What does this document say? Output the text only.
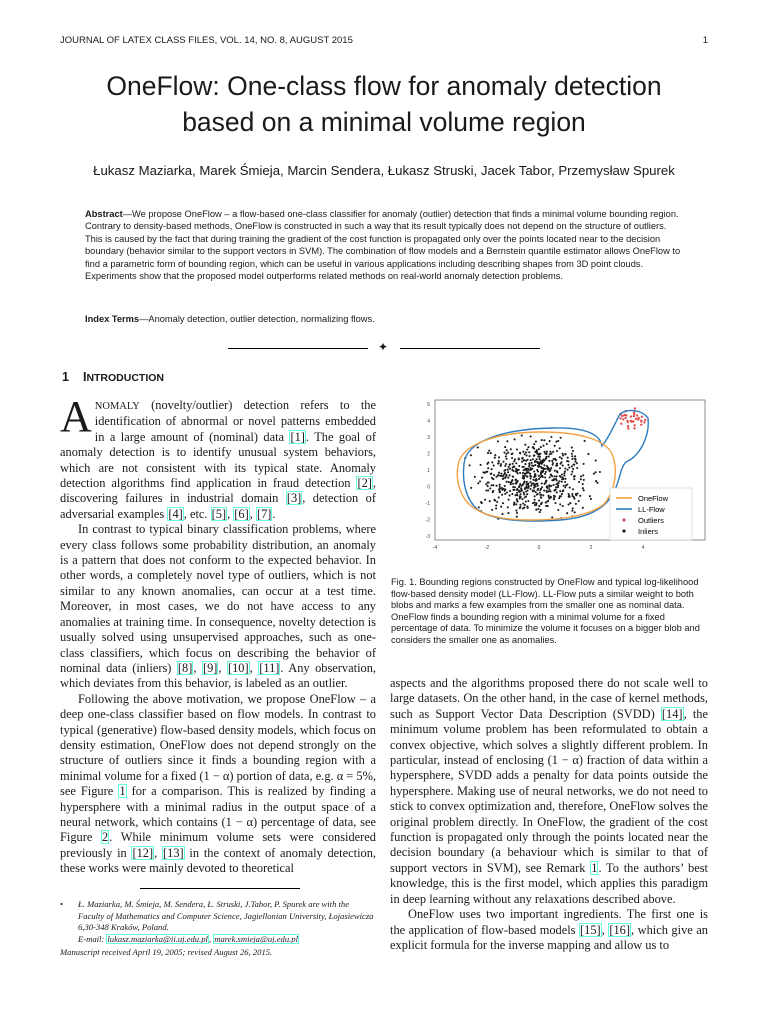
JOURNAL OF LATEX CLASS FILES, VOL. 14, NO. 8, AUGUST 2015	1
OneFlow: One-class flow for anomaly detection
based on a minimal volume region
Łukasz Maziarka, Marek Śmieja, Marcin Sendera, Łukasz Struski, Jacek Tabor, Przemysław Spurek
Abstract—We propose OneFlow – a flow-based one-class classifier for anomaly (outlier) detection that finds a minimal volume bounding region. Contrary to density-based methods, OneFlow is constructed in such a way that its result typically does not depend on the structure of outliers. This is caused by the fact that during training the gradient of the cost function is propagated only over the points located near to the decision boundary (behavior similar to the support vectors in SVM). The combination of flow models and a Bernstein quantile estimator allows OneFlow to find a parametric form of bounding region, which can be useful in various applications including describing shapes from 3D point clouds. Experiments show that the proposed model outperforms related methods on real-world anomaly detection problems.
Index Terms—Anomaly detection, outlier detection, normalizing flows.
✦
1 INTRODUCTION

ANOMALY (novelty/outlier) detection refers to the identification of abnormal or novel patterns embedded in a large amount of (nominal) data [1]. The goal of anomaly detection is to identify unusual system behaviors, which are not consistent with its typical state. Anomaly detection algorithms find application in fraud detection [2], discovering failures in industrial domain [3], detection of adversarial examples [4], etc. [5], [6], [7].

In contrast to typical binary classification problems, where every class follows some probability distribution, an anomaly is a pattern that does not conform to the expected behavior. In other words, a completely novel type of outliers, which is not similar to any known anomalies, can occur at a test time. Moreover, in most cases, we do not have access to any anomalies at training time. In consequence, novelty detection is usually solved using unsupervised approaches, such as one-class classifiers, which focus on describing the behavior of nominal data (inliers) [8], [9], [10], [11]. Any observation, which deviates from this behavior, is labeled as an outlier.

Following the above motivation, we propose OneFlow – a deep one-class classifier based on flow models. In contrast to typical (generative) flow-based density models, which focus on density estimation, OneFlow does not depend strongly on the structure of outliers since it finds a bounding region with a minimal volume for a fixed (1 − α) portion of data, e.g. α = 5%, see Figure 1 for a comparison. This is realized by finding a hypersphere with a minimal radius in the output space of a neural network, which contains (1 − α) percentage of data, see Figure 2. While minimum volume sets were considered previously in [12], [13] in the context of anomaly detection, these works were mainly devoted to theoretical

• Ł. Maziarka, M. Śmieja, M. Sendera, Ł. Struski, J.Tabor, P. Spurek are with the Faculty of Mathematics and Computer Science, Jagiellonian University, Łojasiewicza 6,30-348 Kraków, Poland.
E-mail: lukasz.maziarka@ii.uj.edu.pl, marek.smieja@uj.edu.pl
Manuscript received April 19, 2005; revised August 26, 2015.
5
4
3
2
1
0
-1
-2
-3
-4	-2	0	2	4
OneFlow
LL-Flow
Outliers
Inliers
Fig. 1. Bounding regions constructed by OneFlow and typical log-likelihood flow-based density model (LL-Flow). LL-Flow puts a similar weight to both blobs and marks a few examples from the smaller one as nominal data. OneFlow finds a bounding region with a minimal volume for a fixed percentage of data. To minimize the volume it focuses on a bigger blob and considers the smaller one as anomalies.

aspects and the algorithms proposed there do not scale well to large datasets. On the other hand, in the case of kernel methods, such as Support Vector Data Description (SVDD) [14], the minimum volume problem has been reformulated to obtain a convex objective, which solves a slightly different problem. In particular, instead of enclosing (1 − α) fraction of data within a hypersphere, SVDD adds a penalty for data points outside the hypersphere. Making use of neural networks, we do not need to stick to convex optimization and, therefore, OneFlow solves the original problem directly. In OneFlow, the gradient of the cost function is propagated only through the points located near the decision boundary (a behaviour which is similar to that of support vectors in SVM), see Remark 1. To the authors’ best knowledge, this is the first model, which applies this paradigm in deep learning without any relaxations described above.

OneFlow uses two important ingredients. The first one is the application of flow-based models [15], [16], which give an explicit formula for the inverse mapping and allow us to
